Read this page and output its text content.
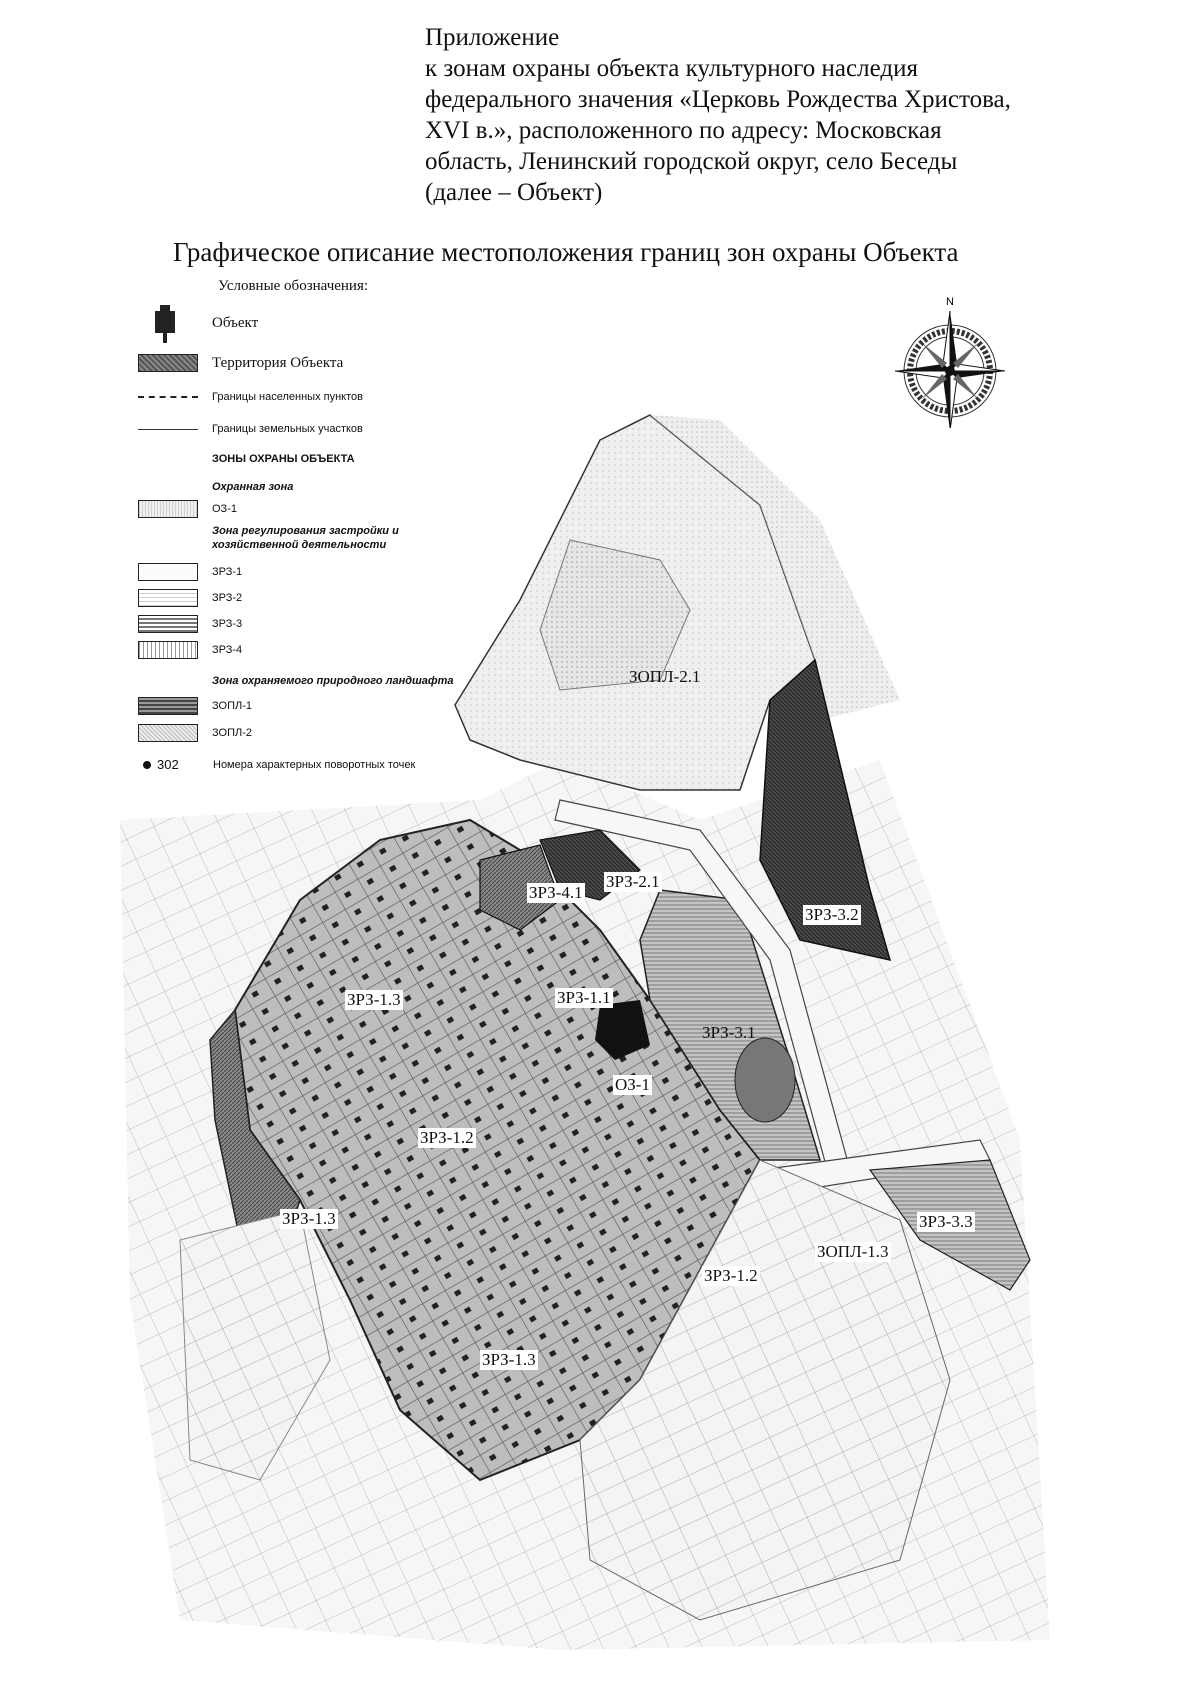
Приложение
к зонам охраны объекта культурного наследия
федерального значения «Церковь Рождества Христова,
XVI в.», расположенного по адресу: Московская
область, Ленинский городской округ, село Беседы
(далее – Объект)
Графическое описание местоположения границ зон охраны Объекта
ЗОПЛ-2.1
ЗРЗ-4.1
ЗРЗ-2.1
ЗРЗ-3.2
ЗРЗ-1.3	ЗРЗ-1.1
ЗРЗ-3.1
ОЗ-1
ЗРЗ-1.2
ЗРЗ-1.3	ЗРЗ-3.3
ЗОПЛ-1.3
ЗРЗ-1.2
ЗРЗ-1.3
N
Условные обозначения:
Объект
Территория Объекта
Границы населенных пунктов
Границы земельных участков
ЗОНЫ ОХРАНЫ ОБЪЕКТА
Охранная зона
ОЗ-1
Зона регулирования застройки и хозяйственной деятельности
ЗРЗ-1
ЗРЗ-2
ЗРЗ-3
ЗРЗ-4
Зона охраняемого природного ландшафта
ЗОПЛ-1
ЗОПЛ-2
302	Номера характерных поворотных точек
